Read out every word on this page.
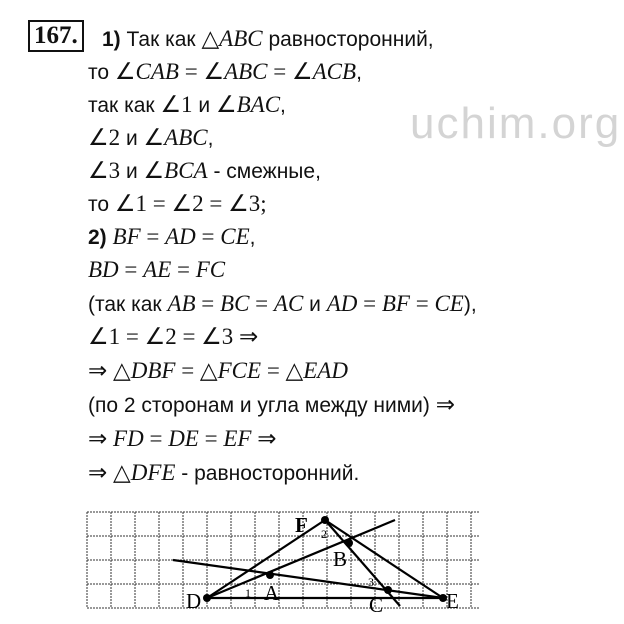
uchim.org
167. 1) Так как △ABC равносторонний,
то ∠CAB = ∠ABC = ∠ACB,
так как ∠1 и ∠BAC,
∠2 и ∠ABC,
∠3 и ∠BCA - смежные,
то ∠1 = ∠2 = ∠3;
2) BF = AD = CE,
BD = AE = FC
(так как AB = BC = AC и AD = BF = CE),
∠1 = ∠2 = ∠3 ⇒
⇒ △DBF = △FCE = △EAD
(по 2 сторонам и угла между ними) ⇒
⇒ FD = DE = EF ⇒
⇒ △DFE - равносторонний.
D	A	C	E
F
B
1
2
3
